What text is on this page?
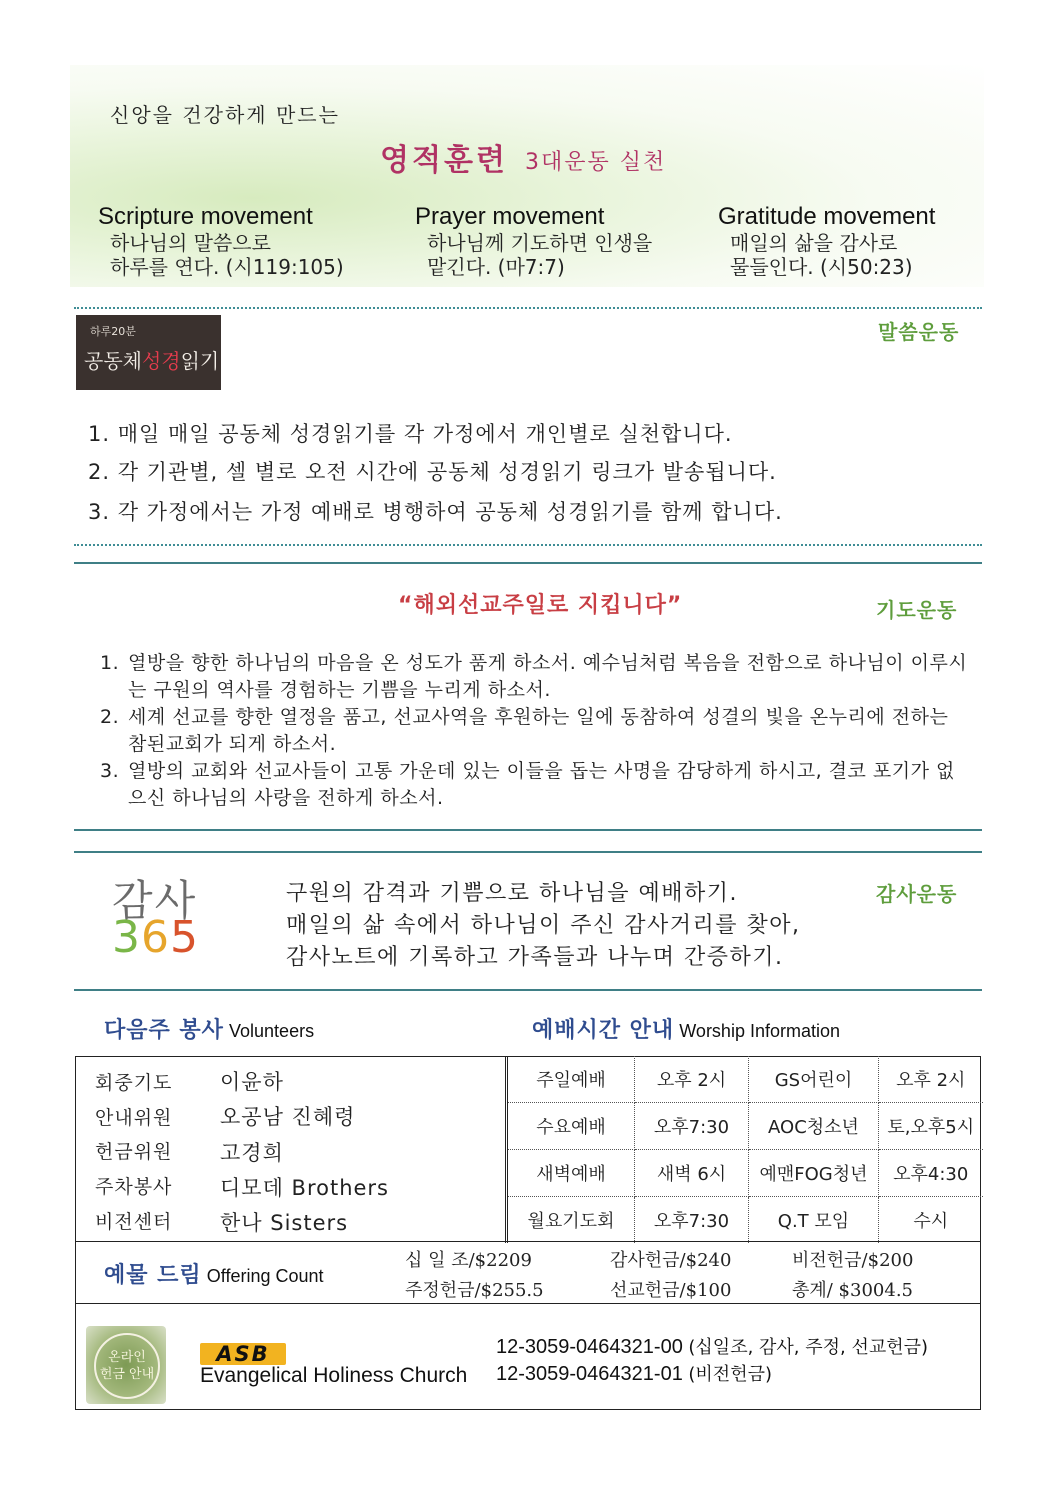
신앙을 건강하게 만드는
영적훈련 3대운동 실천
Scripture movement
하나님의 말씀으로
하루를 연다. (시119:105)
Prayer movement
하나님께 기도하면 인생을
맡긴다. (마7:7)
Gratitude movement
매일의 삶을 감사로
물들인다. (시50:23)
하루20분
공동체성경읽기
말씀운동
1. 매일 매일 공동체 성경읽기를 각 가정에서 개인별로 실천합니다.
2. 각 기관별, 셀 별로 오전 시간에 공동체 성경읽기 링크가 발송됩니다.
3. 각 가정에서는 가정 예배로 병행하여 공동체 성경읽기를 함께 합니다.
“해외선교주일로 지킵니다”	기도운동
1. 열방을 향한 하나님의 마음을 온 성도가 품게 하소서. 예수님처럼 복음을 전함으로 하나님이 이루시는 구원의 역사를 경험하는 기쁨을 누리게 하소서.
2. 세계 선교를 향한 열정을 품고, 선교사역을 후원하는 일에 동참하여 성결의 빛을 온누리에 전하는 참된교회가 되게 하소서.
3. 열방의 교회와 선교사들이 고통 가운데 있는 이들을 돕는 사명을 감당하게 하시고, 결코 포기가 없으신 하나님의 사랑을 전하게 하소서.
감사
365
감사운동
구원의 감격과 기쁨으로 하나님을 예배하기.
매일의 삶 속에서 하나님이 주신 감사거리를 찾아,
감사노트에 기록하고 가족들과 나누며 간증하기.
다음주 봉사 Volunteers	예배시간 안내 Worship Information
회중기도 이윤하
안내위원 오공남 진혜령
헌금위원 고경희
주차봉사 디모데 Brothers
비전센터 한나 Sisters
주일예배	오후 2시	GS어린이	오후 2시
수요예배	오후7:30	AOC청소년	토,오후5시
새벽예배	새벽 6시	예맨FOG청년	오후4:30
월요기도회	오후7:30	Q.T 모임	수시
예물 드림 Offering Count
십 일 조/$2209	감사헌금/$240	비전헌금/$200
주정헌금/$255.5	선교헌금/$100	총계/ $3004.5
온라인
헌금 안내
ASB
Evangelical Holiness Church
12-3059-0464321-00 (십일조, 감사, 주정, 선교헌금)
12-3059-0464321-01 (비전헌금)
